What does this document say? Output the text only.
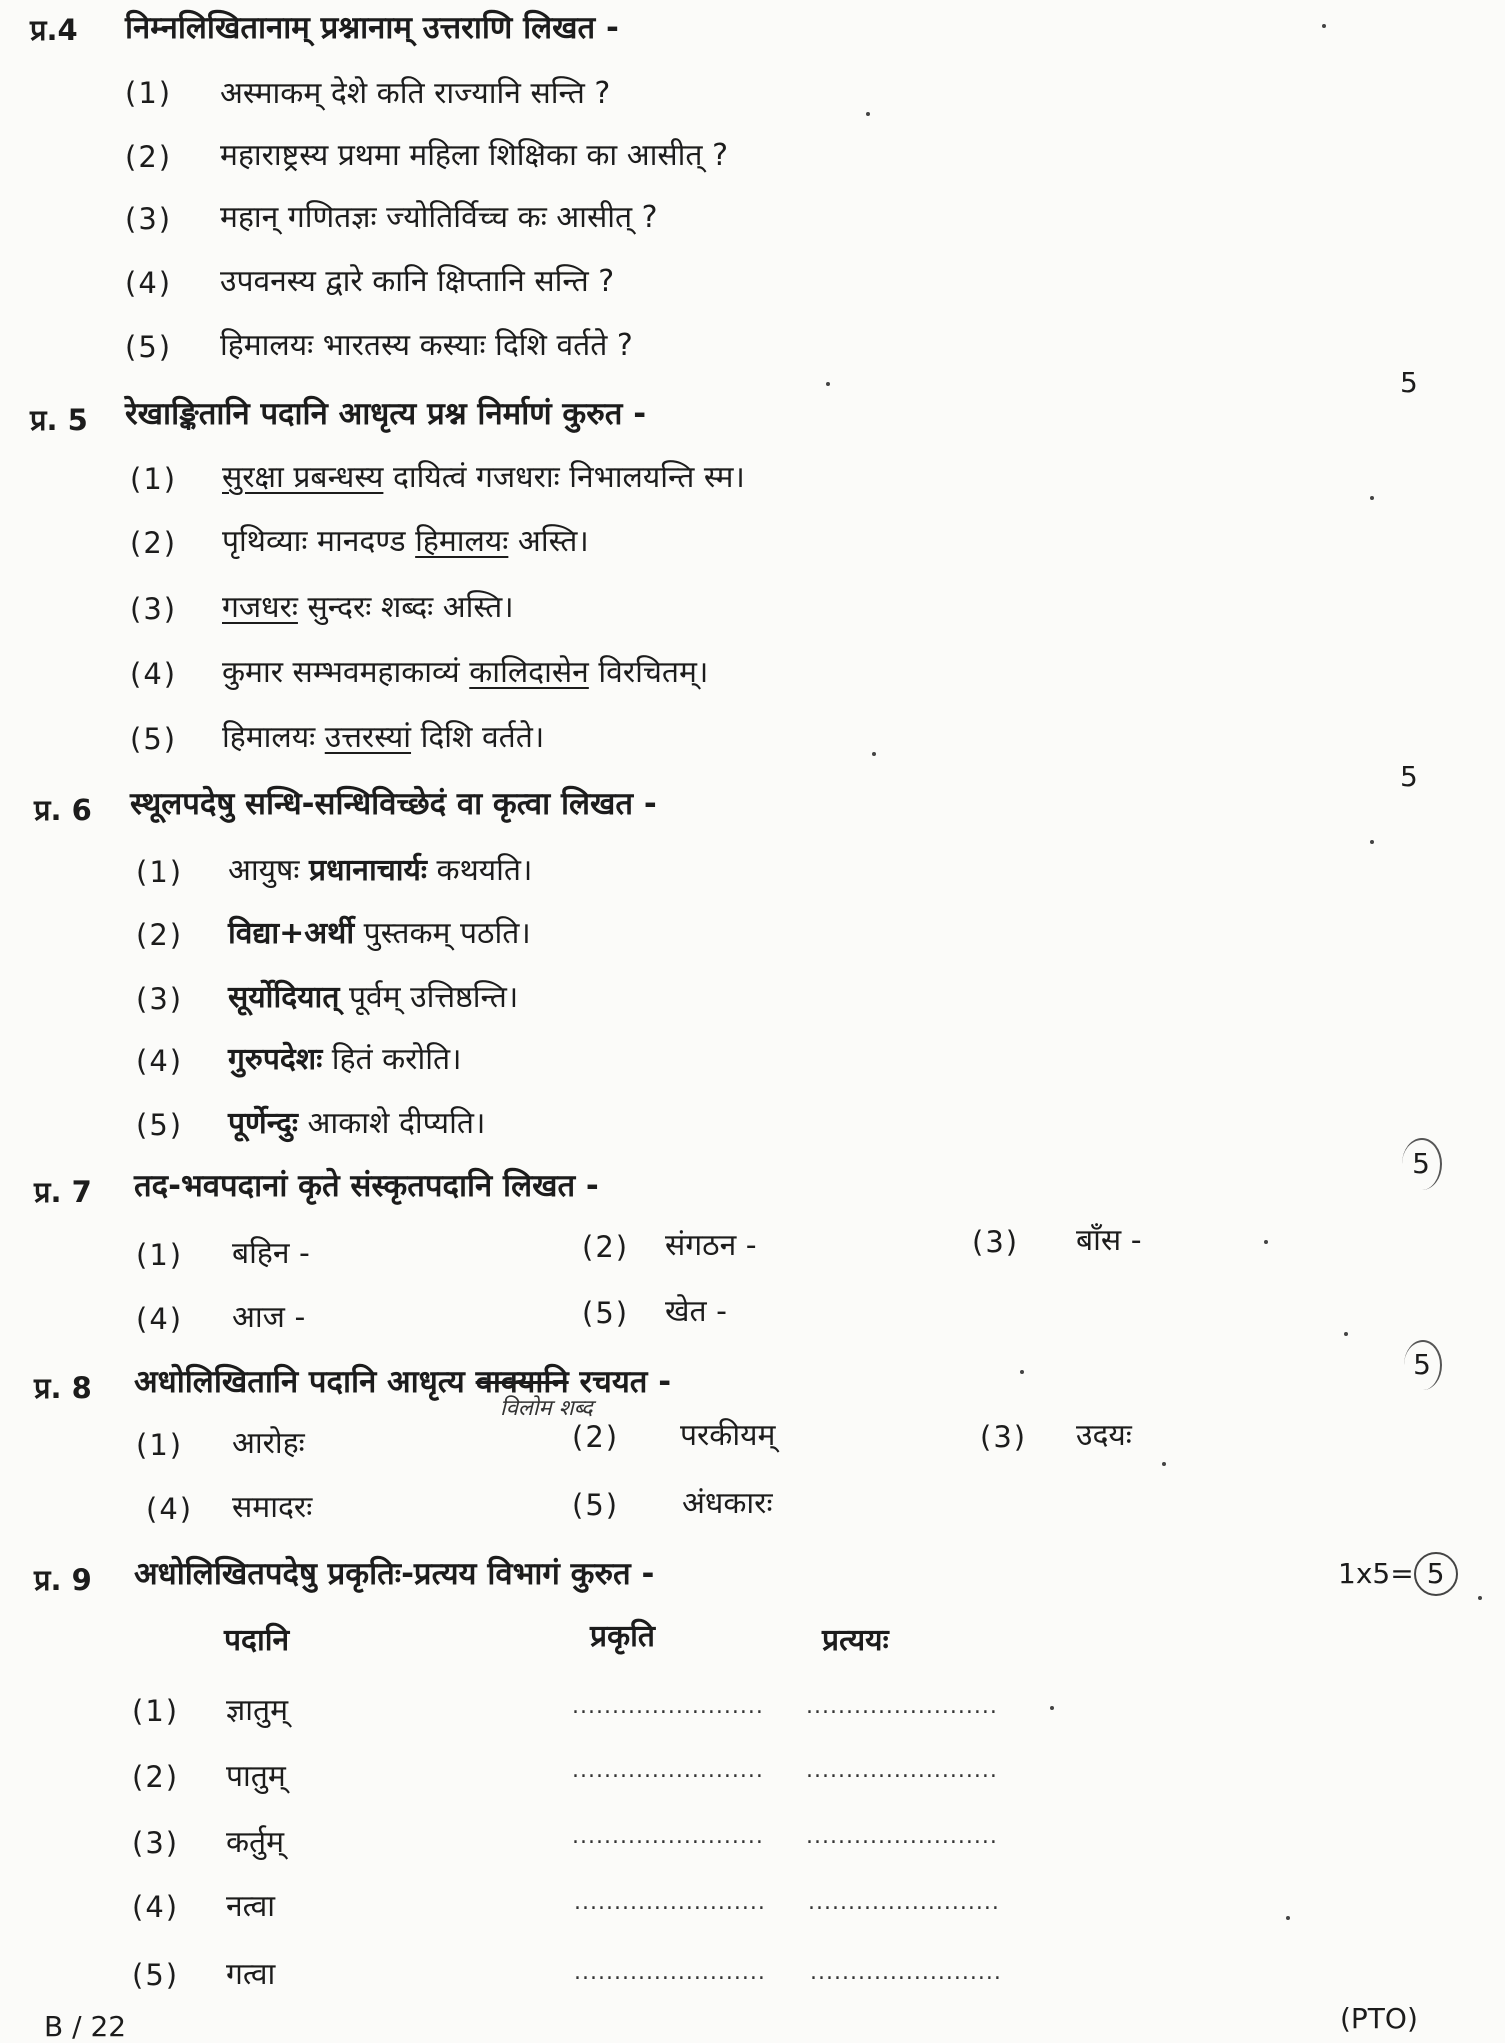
प्र.4 निम्नलिखितानाम् प्रश्नानाम् उत्तराणि लिखत -
(1) अस्माकम् देशे कति राज्यानि सन्ति ?
(2) महाराष्ट्रस्य प्रथमा महिला शिक्षिका का आसीत् ?
(3) महान् गणितज्ञः ज्योतिर्विच्च कः आसीत् ?
(4) उपवनस्य द्वारे कानि क्षिप्तानि सन्ति ?
(5) हिमालयः भारतस्य कस्याः दिशि वर्तते ?
5
प्र. 5 रेखाङ्कितानि पदानि आधृत्य प्रश्न निर्माणं कुरुत -
(1) सुरक्षा प्रबन्धस्य दायित्वं गजधराः निभालयन्ति स्म।
(2) पृथिव्याः मानदण्ड हिमालयः अस्ति।
(3) गजधरः सुन्दरः शब्दः अस्ति।
(4) कुमार सम्भवमहाकाव्यं कालिदासेन विरचितम्।
(5) हिमालयः उत्तरस्यां दिशि वर्तते।
5
प्र. 6 स्थूलपदेषु सन्धि-सन्धिविच्छेदं वा कृत्वा लिखत -
(1) आयुषः प्रधानाचार्यः कथयति।
(2) विद्या+अर्थी पुस्तकम् पठति।
(3) सूर्योदियात् पूर्वम् उत्तिष्ठन्ति।
(4) गुरुपदेशः हितं करोति।
(5) पूर्णेन्दुः आकाशे दीप्यति।
प्र. 7 तद-भवपदानां कृते संस्कृतपदानि लिखत -
5
(1) बहिन -	(2) संगठन -	(3) बाँस -
(4) आज -	(5) खेत -
प्र. 8 अधोलिखितानि पदानि आधृत्य वाक्यानि रचयत -
विलोम शब्द
5
(1) आरोहः	(2) परकीयम्	(3) उदयः
(4) समादरः	(5) अंधकारः
प्र. 9 अधोलिखितपदेषु प्रकृतिः-प्रत्यय विभागं कुरुत -	1x5= 5
पदानि	प्रकृति	प्रत्ययः
(1) ज्ञातुम्	........................ ........................
(2) पातुम्	........................ ........................
(3) कर्तुम्	........................ ........................
(4) नत्वा	........................ ........................
(5) गत्वा	........................ ........................
B / 22	(PTO)
